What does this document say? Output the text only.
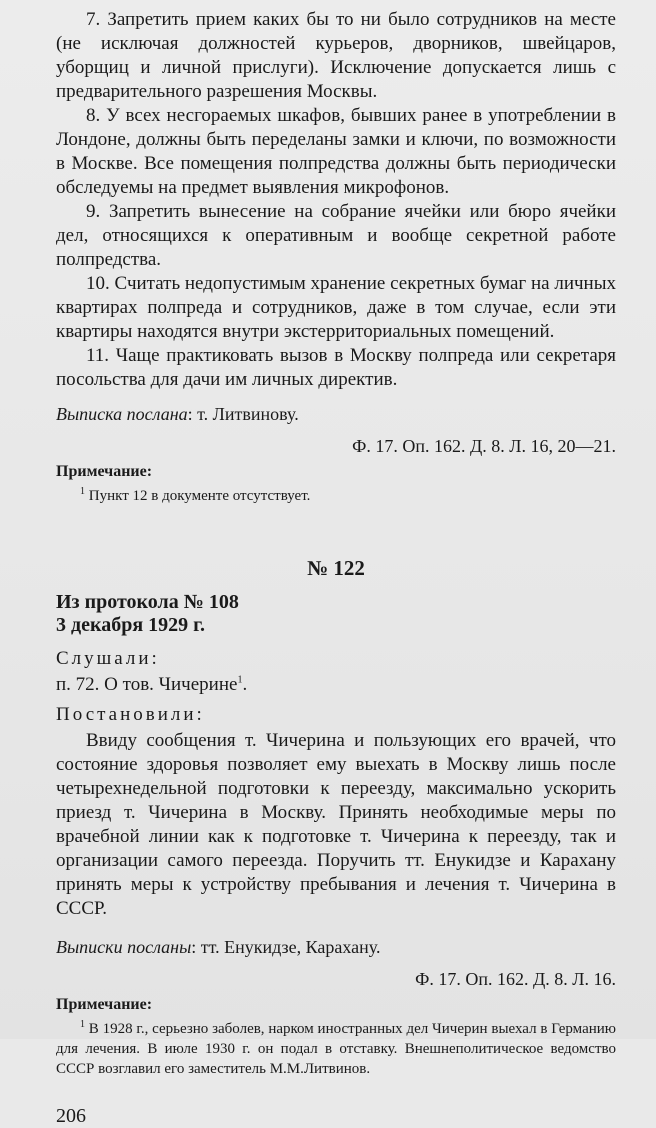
7. Запретить прием каких бы то ни было сотрудников на месте (не исключая должностей курьеров, дворников, швейцаров, уборщиц и личной прислуги). Исключение допускается лишь с предварительного разрешения Москвы.

8. У всех несгораемых шкафов, бывших ранее в употреблении в Лондоне, должны быть переделаны замки и ключи, по возможности в Москве. Все помещения полпредства должны быть периодически обследуемы на предмет выявления микрофонов.

9. Запретить вынесение на собрание ячейки или бюро ячейки дел, относящихся к оперативным и вообще секретной работе полпредства.

10. Считать недопустимым хранение секретных бумаг на личных квартирах полпреда и сотрудников, даже в том случае, если эти квартиры находятся внутри экстерриториальных помещений.

11. Чаще практиковать вызов в Москву полпреда или секретаря посольства для дачи им личных директив.

Выписка послана: т. Литвинову.

Ф. 17. Оп. 162. Д. 8. Л. 16, 20—21.

Примечание:

$^1$ Пункт 12 в документе отсутствует.

№ 122

Из протокола № 108

3 декабря 1929 г.

Слушали:

п. 72. О тов. Чичерине$^1$.

Постановили:

Ввиду сообщения т. Чичерина и пользующих его врачей, что состояние здоровья позволяет ему выехать в Москву лишь после четырехнедельной подготовки к переезду, максимально ускорить приезд т. Чичерина в Москву. Принять необходимые меры по врачебной линии как к подготовке т. Чичерина к переезду, так и организации самого переезда. Поручить тт. Енукидзе и Карахану принять меры к устройству пребывания и лечения т. Чичерина в СССР.

Выписки посланы: тт. Енукидзе, Карахану.

Ф. 17. Оп. 162. Д. 8. Л. 16.

Примечание:

$^1$ В 1928 г., серьезно заболев, нарком иностранных дел Чичерин выехал в Германию для лечения. В июле 1930 г. он подал в отставку. Внешнеполитическое ведомство СССР возглавил его заместитель М.М.Литвинов.

206
